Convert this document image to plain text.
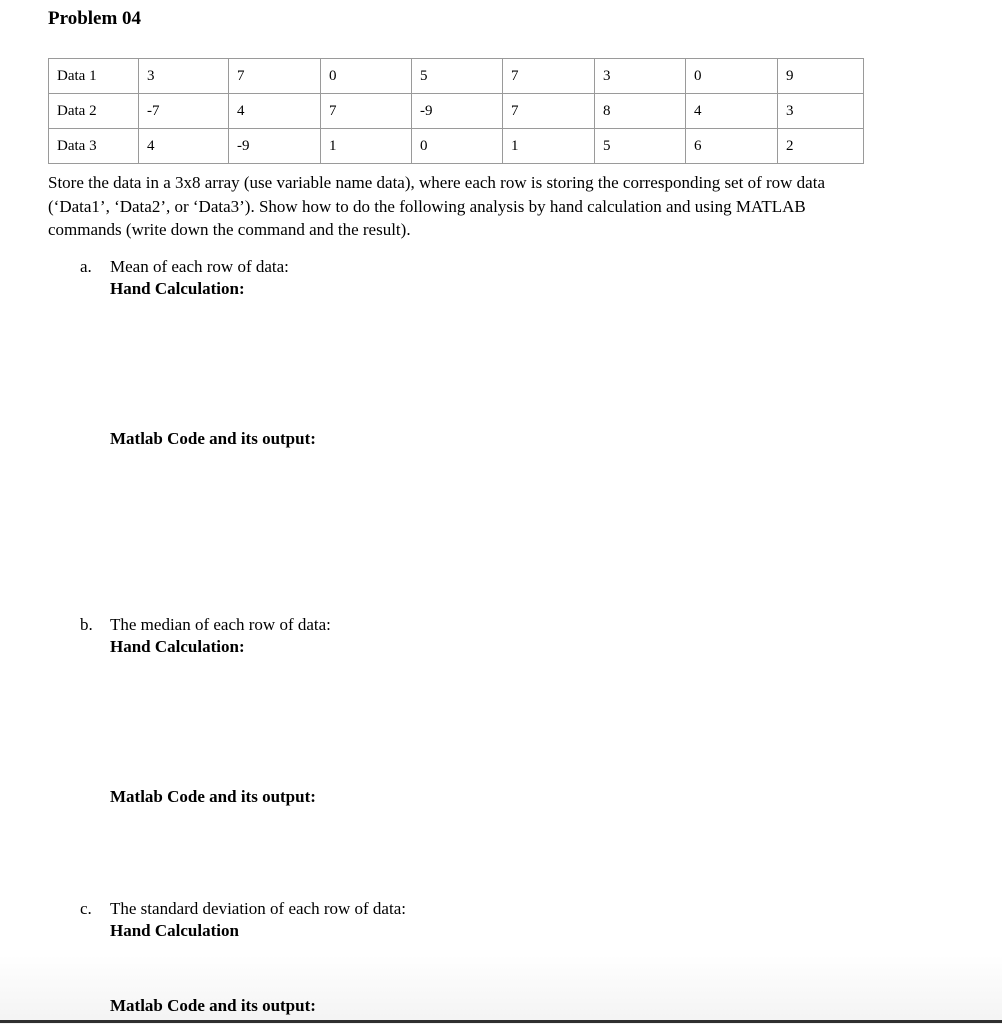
Problem 04
Data 1	3	7	0	5	7	3	0	9
Data 2	-7	4	7	-9	7	8	4	3
Data 3	4	-9	1	0	1	5	6	2
Store the data in a 3x8 array (use variable name data), where each row is storing the corresponding set of row data
(‘Data1’, ‘Data2’, or ‘Data3’). Show how to do the following analysis by hand calculation and using MATLAB
commands (write down the command and the result).
a. Mean of each row of data:
Hand Calculation:
Matlab Code and its output:
b. The median of each row of data:
Hand Calculation:
Matlab Code and its output:
c. The standard deviation of each row of data:
Hand Calculation
Matlab Code and its output:
